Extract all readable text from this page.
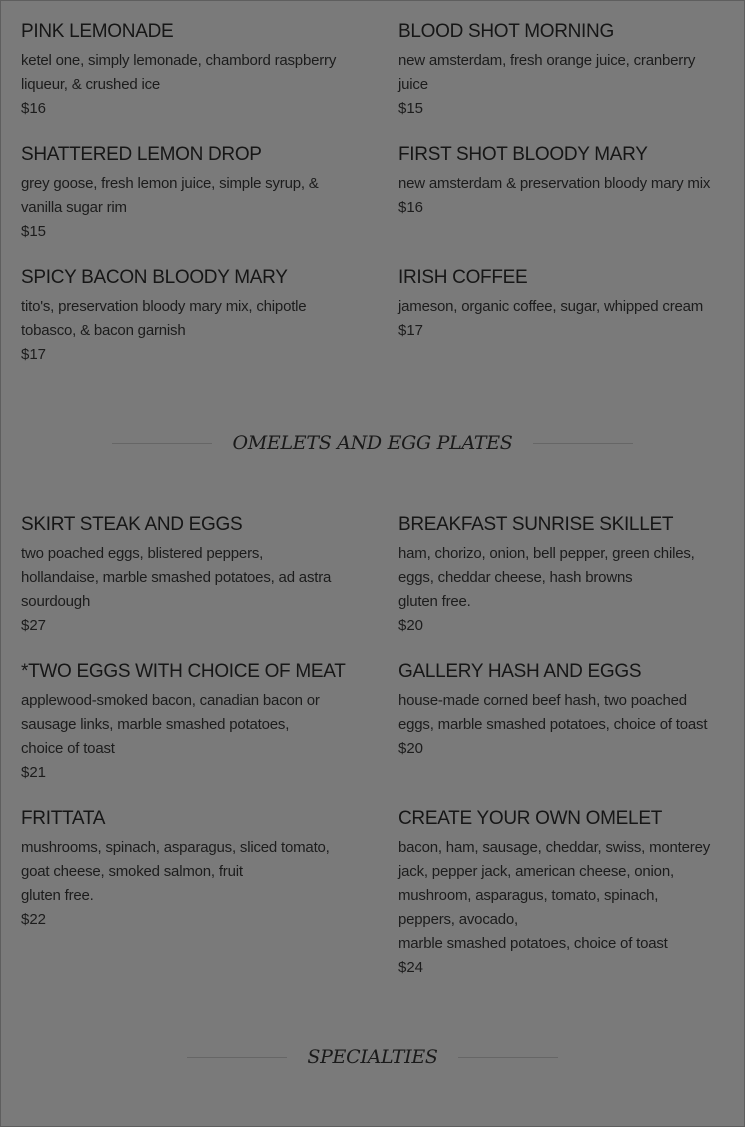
PINK LEMONADE
ketel one, simply lemonade, chambord raspberry
liqueur, & crushed ice
$16
BLOOD SHOT MORNING
new amsterdam, fresh orange juice, cranberry
juice
$15
SHATTERED LEMON DROP
grey goose, fresh lemon juice, simple syrup, &
vanilla sugar rim
$15
FIRST SHOT BLOODY MARY
new amsterdam & preservation bloody mary mix
$16
SPICY BACON BLOODY MARY
tito's, preservation bloody mary mix, chipotle
tobasco, & bacon garnish
$17
IRISH COFFEE
jameson, organic coffee, sugar, whipped cream
$17
OMELETS AND EGG PLATES
SKIRT STEAK AND EGGS
two poached eggs, blistered peppers,
hollandaise, marble smashed potatoes, ad astra
sourdough
$27
BREAKFAST SUNRISE SKILLET
ham, chorizo, onion, bell pepper, green chiles,
eggs, cheddar cheese, hash browns
gluten free.
$20
*TWO EGGS WITH CHOICE OF MEAT
applewood-smoked bacon, canadian bacon or
sausage links, marble smashed potatoes,
choice of toast
$21
GALLERY HASH AND EGGS
house-made corned beef hash, two poached
eggs, marble smashed potatoes, choice of toast
$20
FRITTATA
mushrooms, spinach, asparagus, sliced tomato,
goat cheese, smoked salmon, fruit
gluten free.
$22
CREATE YOUR OWN OMELET
bacon, ham, sausage, cheddar, swiss, monterey
jack, pepper jack, american cheese, onion,
mushroom, asparagus, tomato, spinach,
peppers, avocado,
marble smashed potatoes, choice of toast
$24
SPECIALTIES
